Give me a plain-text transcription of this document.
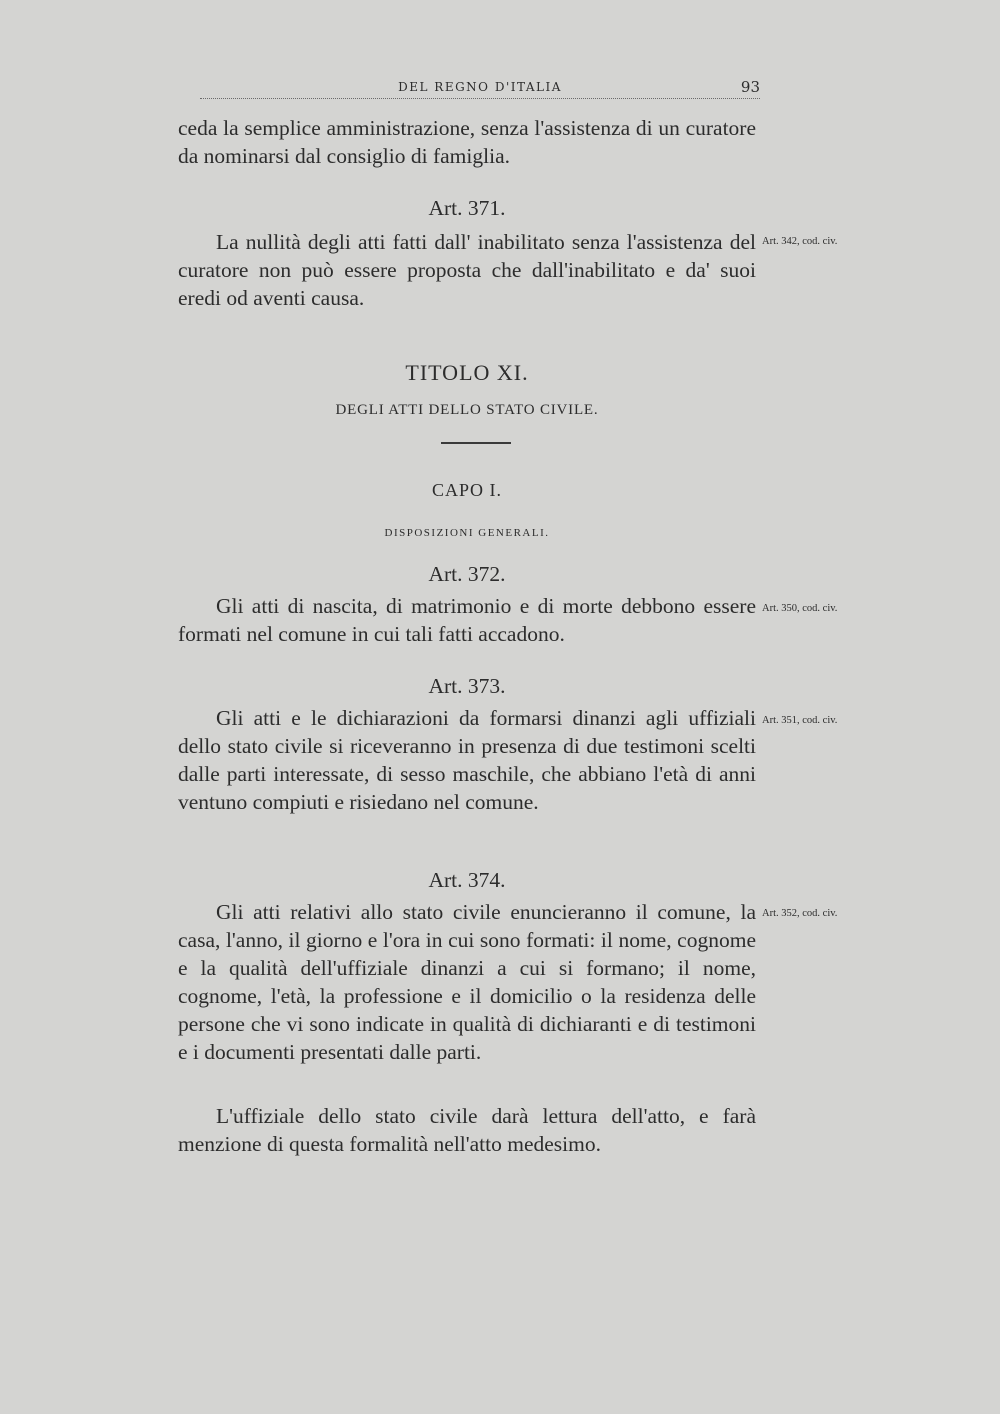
DEL REGNO D'ITALIA	93
ceda la semplice amministrazione, senza l'assistenza di un curatore da nominarsi dal consiglio di famiglia.
Art. 371.
La nullità degli atti fatti dall' inabilitato senza l'assistenza del curatore non può essere proposta che dall'inabilitato e da' suoi eredi od aventi causa.
Art. 342, cod. civ.
TITOLO XI.
DEGLI ATTI DELLO STATO CIVILE.
CAPO I.
DISPOSIZIONI GENERALI.
Art. 372.
Gli atti di nascita, di matrimonio e di morte debbono essere formati nel comune in cui tali fatti accadono.
Art. 350, cod. civ.
Art. 373.
Gli atti e le dichiarazioni da formarsi dinanzi agli uffiziali dello stato civile si riceveranno in presenza di due testimoni scelti dalle parti interessate, di sesso maschile, che abbiano l'età di anni ventuno compiuti e risiedano nel comune.
Art. 351, cod. civ.
Art. 374.
Gli atti relativi allo stato civile enuncieranno il comune, la casa, l'anno, il giorno e l'ora in cui sono formati: il nome, cognome e la qualità dell'uffiziale dinanzi a cui si formano; il nome, cognome, l'età, la professione e il domicilio o la residenza delle persone che vi sono indicate in qualità di dichiaranti e di testimoni e i documenti presentati dalle parti.
L'uffiziale dello stato civile darà lettura dell'atto, e farà menzione di questa formalità nell'atto medesimo.
Art. 352, cod. civ.
